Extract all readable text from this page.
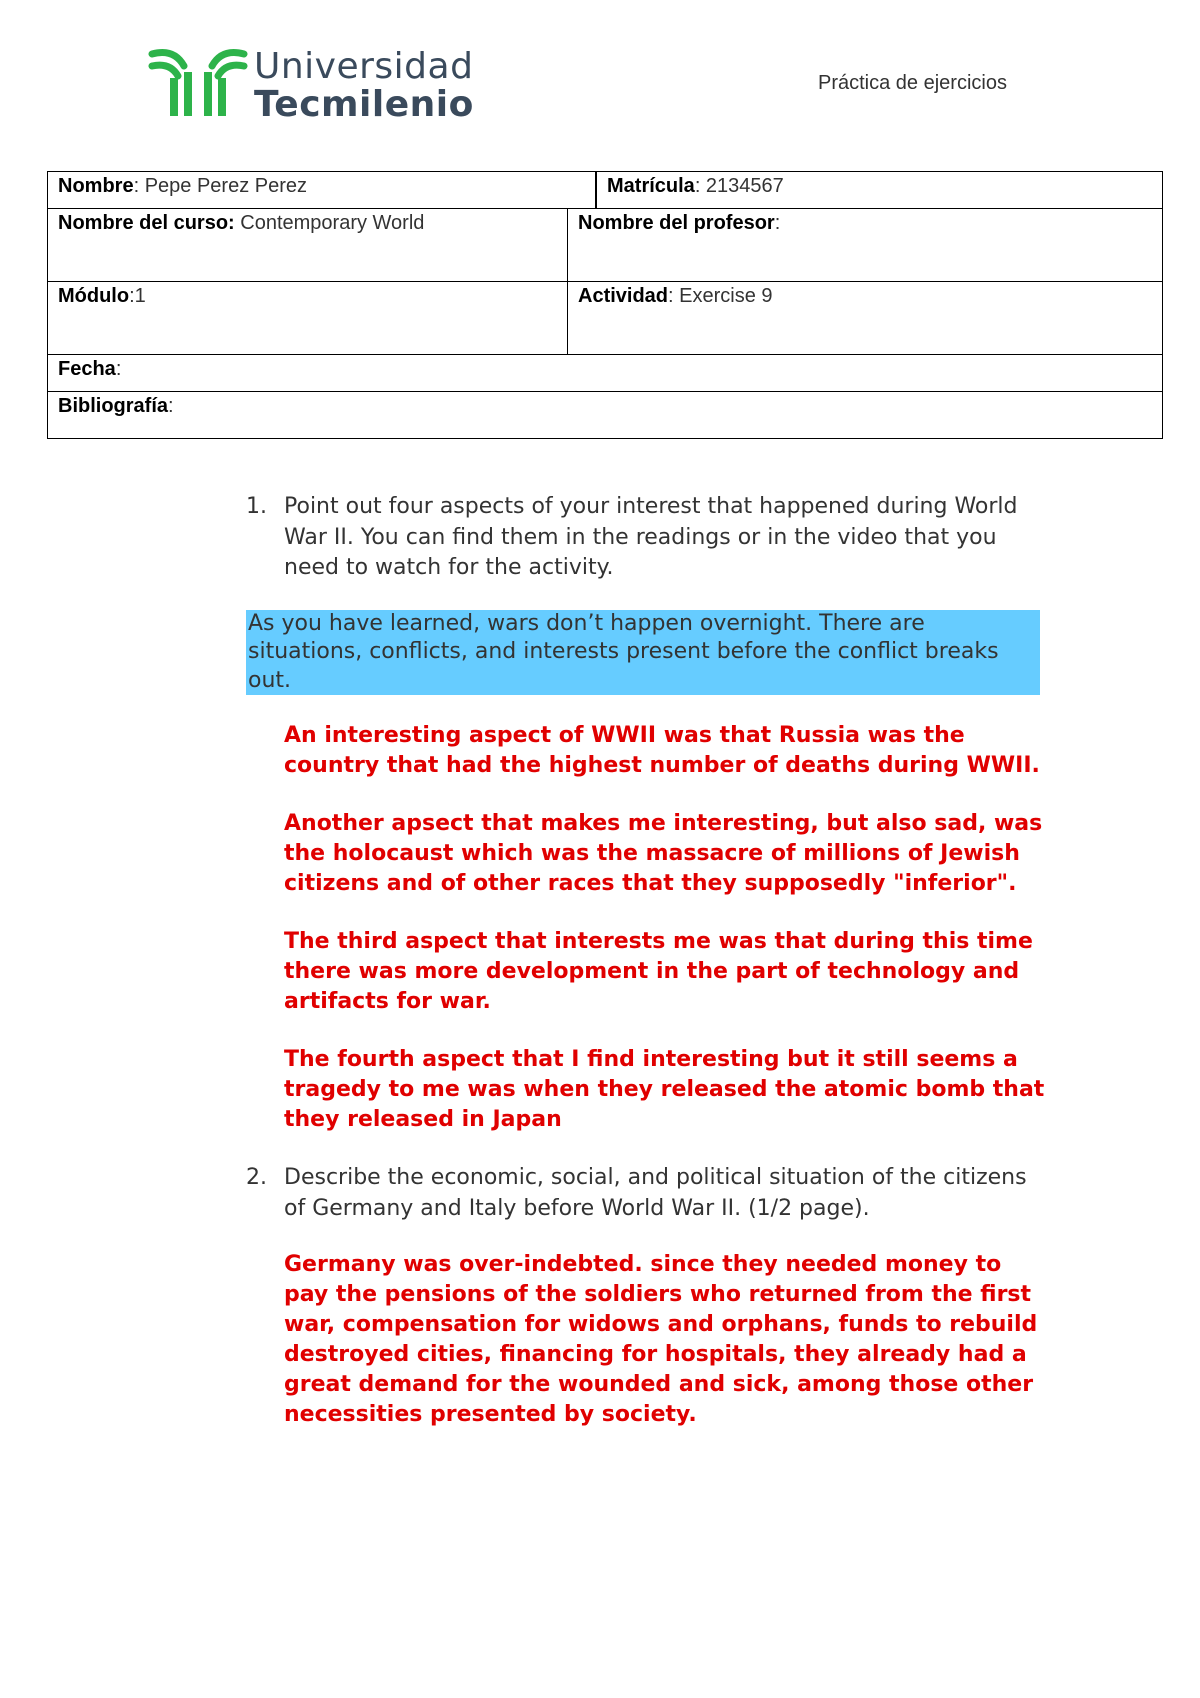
Universidad
Tecmilenio
Práctica de ejercicios
Nombre: Pepe Perez Perez	Matrícula: 2134567
Nombre del curso: Contemporary World	Nombre del profesor:
Módulo:1	Actividad: Exercise 9
Fecha:
Bibliografía:
1. Point out four aspects of your interest that happened during World War II. You can find them in the readings or in the video that you need to watch for the activity.
As you have learned, wars don’t happen overnight. There are situations, conflicts, and interests present before the conflict breaks out.
An interesting aspect of WWII was that Russia was the country that had the highest number of deaths during WWII.
Another apsect that makes me interesting, but also sad, was the holocaust which was the massacre of millions of Jewish citizens and of other races that they supposedly "inferior".
The third aspect that interests me was that during this time there was more development in the part of technology and artifacts for war.
The fourth aspect that I find interesting but it still seems a tragedy to me was when they released the atomic bomb that they released in Japan
2. Describe the economic, social, and political situation of the citizens of Germany and Italy before World War II. (1/2 page).
Germany was over-indebted. since they needed money to pay the pensions of the soldiers who returned from the first war, compensation for widows and orphans, funds to rebuild destroyed cities, financing for hospitals, they already had a great demand for the wounded and sick, among those other necessities presented by society.
